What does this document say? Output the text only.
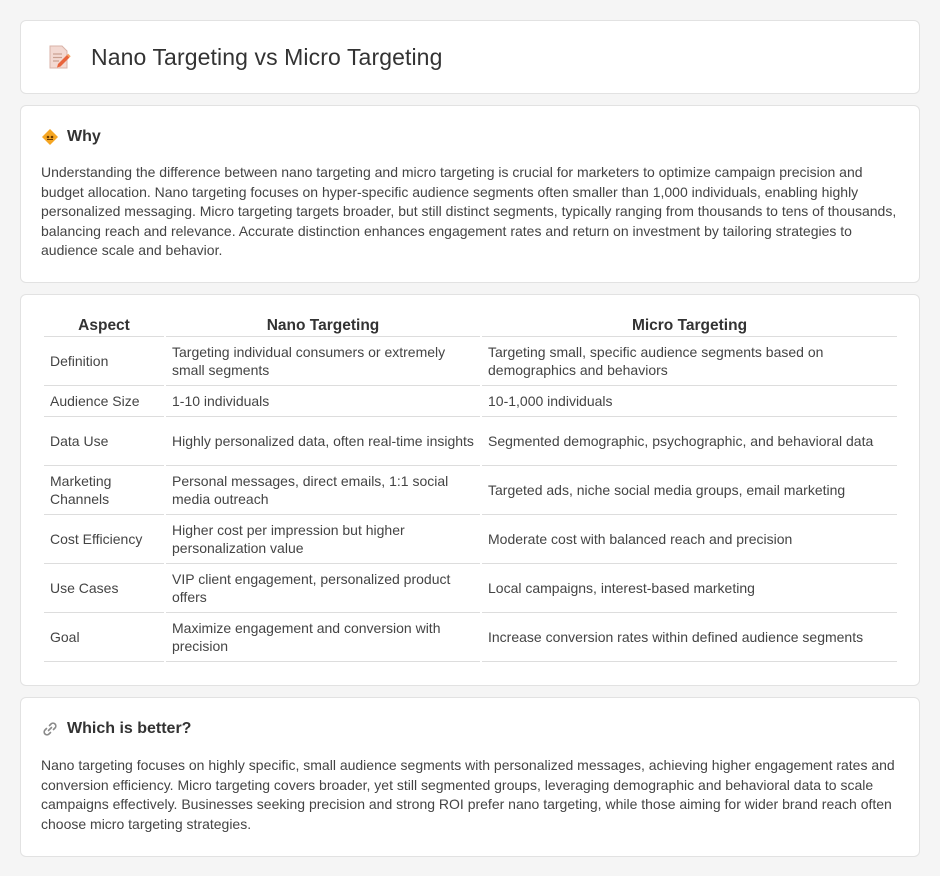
Nano Targeting vs Micro Targeting
Why

Understanding the difference between nano targeting and micro targeting is crucial for marketers to optimize campaign precision and budget allocation. Nano targeting focuses on hyper-specific audience segments often smaller than 1,000 individuals, enabling highly personalized messaging. Micro targeting targets broader, but still distinct segments, typically ranging from thousands to tens of thousands, balancing reach and relevance. Accurate distinction enhances engagement rates and return on investment by tailoring strategies to audience scale and behavior.

Aspect	Nano Targeting	Micro Targeting
Definition	Targeting individual consumers or extremely small segments	Targeting small, specific audience segments based on demographics and behaviors
Audience Size	1-10 individuals	10-1,000 individuals
Data Use	Highly personalized data, often real-time insights	Segmented demographic, psychographic, and behavioral data
Marketing Channels	Personal messages, direct emails, 1:1 social media outreach	Targeted ads, niche social media groups, email marketing
Cost Efficiency	Higher cost per impression but higher personalization value	Moderate cost with balanced reach and precision
Use Cases	VIP client engagement, personalized product offers	Local campaigns, interest-based marketing
Goal	Maximize engagement and conversion with precision	Increase conversion rates within defined audience segments
Which is better?

Nano targeting focuses on highly specific, small audience segments with personalized messages, achieving higher engagement rates and conversion efficiency. Micro targeting covers broader, yet still segmented groups, leveraging demographic and behavioral data to scale campaigns effectively. Businesses seeking precision and strong ROI prefer nano targeting, while those aiming for wider brand reach often choose micro targeting strategies.
